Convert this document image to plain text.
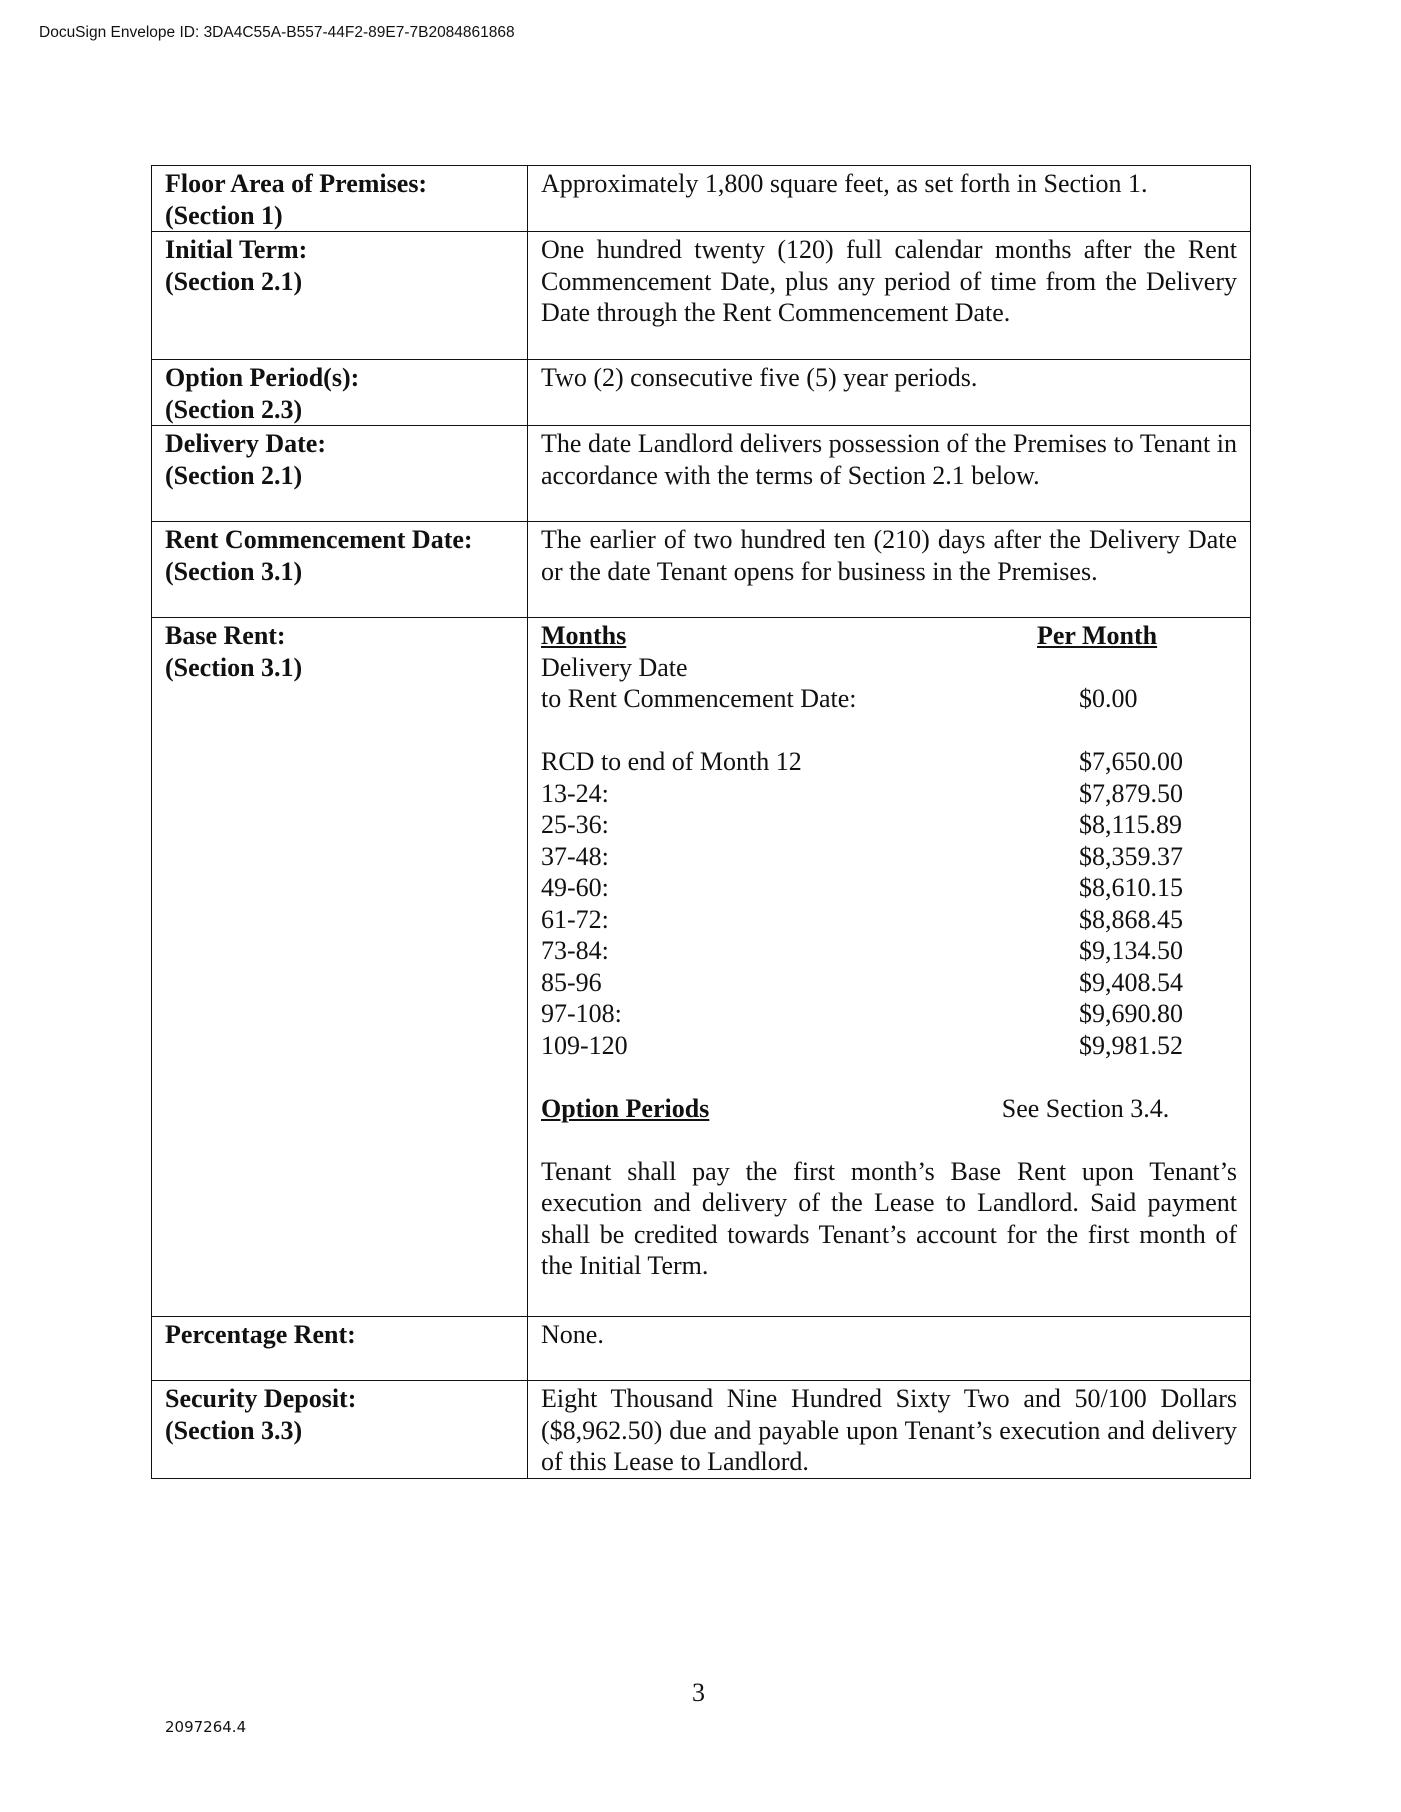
DocuSign Envelope ID: 3DA4C55A-B557-44F2-89E7-7B2084861868
Floor Area of Premises:
(Section 1)	Approximately 1,800 square feet, as set forth in Section 1.

Initial Term:
(Section 2.1)	One hundred twenty (120) full calendar months after the Rent Commencement Date, plus any period of time from the Delivery Date through the Rent Commencement Date.

Option Period(s):
(Section 2.3)	Two (2) consecutive five (5) year periods.

Delivery Date:
(Section 2.1)	The date Landlord delivers possession of the Premises to Tenant in accordance with the terms of Section 2.1 below.

Rent Commencement Date:
(Section 3.1)	The earlier of two hundred ten (210) days after the Delivery Date or the date Tenant opens for business in the Premises.

Base Rent:
(Section 3.1)

Months	Per Month
Delivery Date
to Rent Commencement Date:	$0.00
RCD to end of Month 12	$7,650.00
13-24:	$7,879.50
25-36:	$8,115.89
37-48:	$8,359.37
49-60:	$8,610.15
61-72:	$8,868.45
73-84:	$9,134.50
85-96	$9,408.54
97-108:	$9,690.80
109-120	$9,981.52
Option Periods	See Section 3.4.
Tenant shall pay the first month’s Base Rent upon Tenant’s execution and delivery of the Lease to Landlord. Said payment shall be credited towards Tenant’s account for the first month of the Initial Term.

Percentage Rent:	None.

Security Deposit:
(Section 3.3)	Eight Thousand Nine Hundred Sixty Two and 50/100 Dollars ($8,962.50) due and payable upon Tenant’s execution and delivery of this Lease to Landlord.
3
2097264.4
